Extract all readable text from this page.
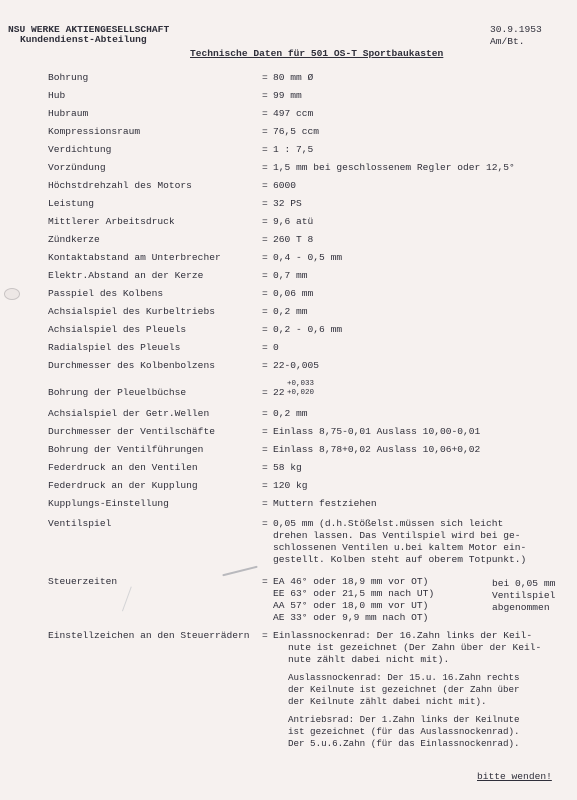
NSU WERKE AKTIENGESELLSCHAFT
Kundendienst-Abteilung
30.9.1953
Am/Bt.
Technische Daten für 501 OS-T Sportbaukasten
Bohrung	= 80 mm Ø
Hub	= 99 mm
Hubraum	= 497 ccm
Kompressionsraum	= 76,5 ccm
Verdichtung	= 1 : 7,5
Vorzündung	= 1,5 mm bei geschlossenem Regler oder 12,5°
Höchstdrehzahl des Motors	= 6000
Leistung	= 32 PS
Mittlerer Arbeitsdruck	= 9,6 atü
Zündkerze	= 260 T 8
Kontaktabstand am Unterbrecher	= 0,4 - 0,5 mm
Elektr.Abstand an der Kerze	= 0,7 mm
Passpiel des Kolbens	= 0,06 mm
Achsialspiel des Kurbeltriebs	= 0,2 mm
Achsialspiel des Pleuels	= 0,2 - 0,6 mm
Radialspiel des Pleuels	= 0
Durchmesser des Kolbenbolzens	= 22-0,005
Bohrung der Pleuelbüchse	= 22
+0,033
+0,020
Achsialspiel der Getr.Wellen	= 0,2 mm
Durchmesser der Ventilschäfte	= Einlass 8,75-0,01 Auslass 10,00-0,01
Bohrung der Ventilführungen	= Einlass 8,78+0,02 Auslass 10,06+0,02
Federdruck an den Ventilen	= 58 kg
Federdruck an der Kupplung	= 120 kg
Kupplungs-Einstellung	= Muttern festziehen
Ventilspiel	= 0,05 mm (d.h.Stößelst.müssen sich leicht
drehen lassen. Das Ventilspiel wird bei ge-
schlossenen Ventilen u.bei kaltem Motor ein-
gestellt. Kolben steht auf oberem Totpunkt.)
Steuerzeiten	= EA 46° oder 18,9 mm vor OT)
EE 63° oder 21,5 mm nach UT)
AA 57° oder 18,0 mm vor UT)
AE 33° oder 9,9 mm nach OT)
bei 0,05 mm
Ventilspiel
abgenommen
Einstellzeichen an den Steuerrädern = Einlassnockenrad: Der 16.Zahn links der Keil-
nute ist gezeichnet (Der Zahn über der Keil-
nute zählt dabei nicht mit).
Auslassnockenrad: Der 15.u. 16.Zahn rechts
der Keilnute ist gezeichnet (der Zahn über
der Keilnute zählt dabei nicht mit).
Antriebsrad: Der 1.Zahn links der Keilnute
ist gezeichnet (für das Auslassnockenrad).
Der 5.u.6.Zahn (für das Einlassnockenrad).
bitte wenden!
